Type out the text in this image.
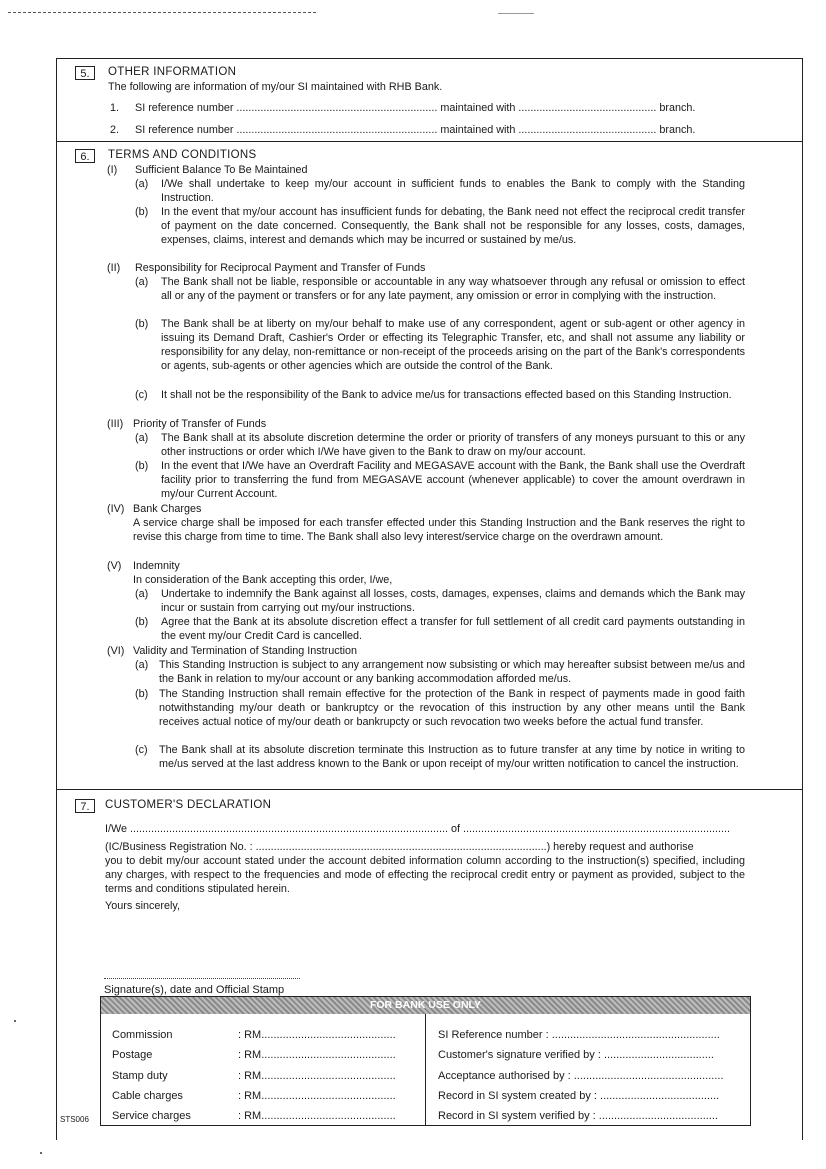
5.	OTHER INFORMATION
The following are information of my/our SI maintained with RHB Bank.
1. SI reference number ................................................................... maintained with .............................................. branch.
2. SI reference number ................................................................... maintained with .............................................. branch.
6.	TERMS AND CONDITIONS
(I) Sufficient Balance To Be Maintained
(a) I/We shall undertake to keep my/our account in sufficient funds to enables the Bank to comply with the Standing Instruction.
(b) In the event that my/our account has insufficient funds for debating, the Bank need not effect the reciprocal credit transfer of payment on the date concerned. Consequently, the Bank shall not be responsible for any losses, costs, damages, expenses, claims, interest and demands which may be incurred or sustained by me/us.
(II) Responsibility for Reciprocal Payment and Transfer of Funds
(a) The Bank shall not be liable, responsible or accountable in any way whatsoever through any refusal or omission to effect all or any of the payment or transfers or for any late payment, any omission or error in complying with the instruction.
(b) The Bank shall be at liberty on my/our behalf to make use of any correspondent, agent or sub-agent or other agency in issuing its Demand Draft, Cashier's Order or effecting its Telegraphic Transfer, etc, and shall not assume any liability or responsibility for any delay, non-remittance or non-receipt of the proceeds arising on the part of the Bank's correspondents or agents, sub-agents or other agencies which are outside the control of the Bank.
(c) It shall not be the responsibility of the Bank to advice me/us for transactions effected based on this Standing Instruction.
(III) Priority of Transfer of Funds
(a) The Bank shall at its absolute discretion determine the order or priority of transfers of any moneys pursuant to this or any other instructions or order which I/We have given to the Bank to draw on my/our account.
(b) In the event that I/We have an Overdraft Facility and MEGASAVE account with the Bank, the Bank shall use the Overdraft facility prior to transferring the fund from MEGASAVE account (whenever applicable) to cover the amount overdrawn in my/our Current Account.
(IV) Bank Charges
A service charge shall be imposed for each transfer effected under this Standing Instruction and the Bank reserves the right to revise this charge from time to time. The Bank shall also levy interest/service charge on the overdrawn amount.
(V) Indemnity
In consideration of the Bank accepting this order, I/we,
(a) Undertake to indemnify the Bank against all losses, costs, damages, expenses, claims and demands which the Bank may incur or sustain from carrying out my/our instructions.
(b) Agree that the Bank at its absolute discretion effect a transfer for full settlement of all credit card payments outstanding in the event my/our Credit Card is cancelled.
(VI) Validity and Termination of Standing Instruction
(a) This Standing Instruction is subject to any arrangement now subsisting or which may hereafter subsist between me/us and the Bank in relation to my/our account or any banking accommodation afforded me/us.
(b) The Standing Instruction shall remain effective for the protection of the Bank in respect of payments made in good faith notwithstanding my/our death or bankruptcy or the revocation of this instruction by any other means until the Bank receives actual notice of my/our death or bankrupcty or such revocation two weeks before the actual fund transfer.
(c) The Bank shall at its absolute discretion terminate this Instruction as to future transfer at any time by notice in writing to me/us served at the last address known to the Bank or upon receipt of my/our written notification to cancel the instruction.
7.	CUSTOMER'S DECLARATION
I/We .......................................................................................................... of .........................................................................................
(IC/Business Registration No. : .................................................................................................) hereby request and authorise
you to debit my/our account stated under the account debited information column according to the instruction(s) specified, including any charges, with respect to the frequencies and mode of effecting the reciprocal credit entry or payment as provided, subject to the terms and conditions stipulated herein.
Yours sincerely,
Signature(s), date and Official Stamp
FOR BANK USE ONLY
Commission	: RM............................................
Postage	: RM............................................
Stamp duty	: RM............................................
Cable charges	: RM............................................
Service charges	: RM............................................
SI Reference number : .......................................................
Customer's signature verified by : ....................................
Acceptance authorised by : .................................................
Record in SI system created by : .......................................
Record in SI system verified by : .......................................
STS006
